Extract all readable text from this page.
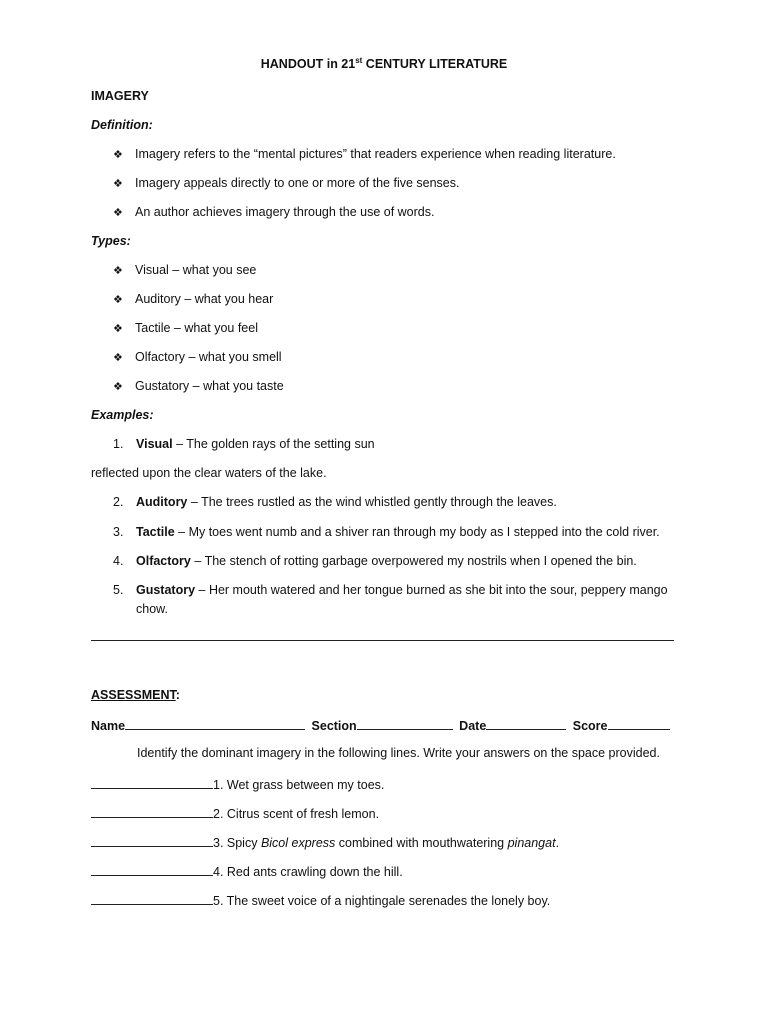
HANDOUT in 21st CENTURY LITERATURE
IMAGERY
Definition:
❖ Imagery refers to the “mental pictures” that readers experience when reading literature.
❖ Imagery appeals directly to one or more of the five senses.
❖ An author achieves imagery through the use of words.
Types:
❖ Visual – what you see
❖ Auditory – what you hear
❖ Tactile – what you feel
❖ Olfactory – what you smell
❖ Gustatory – what you taste
Examples:
1. Visual – The golden rays of the setting sun
reflected upon the clear waters of the lake.
2. Auditory – The trees rustled as the wind whistled gently through the leaves.
3. Tactile – My toes went numb and a shiver ran through my body as I stepped into the cold river.
4. Olfactory – The stench of rotting garbage overpowered my nostrils when I opened the bin.
5. Gustatory – Her mouth watered and her tongue burned as she bit into the sour, peppery mango
chow.
ASSESSMENT:
Name	Section	Date	Score
Identify the dominant imagery in the following lines. Write your answers on the space provided.
1. Wet grass between my toes.
2. Citrus scent of fresh lemon.
3. Spicy Bicol express combined with mouthwatering pinangat.
4. Red ants crawling down the hill.
5. The sweet voice of a nightingale serenades the lonely boy.
